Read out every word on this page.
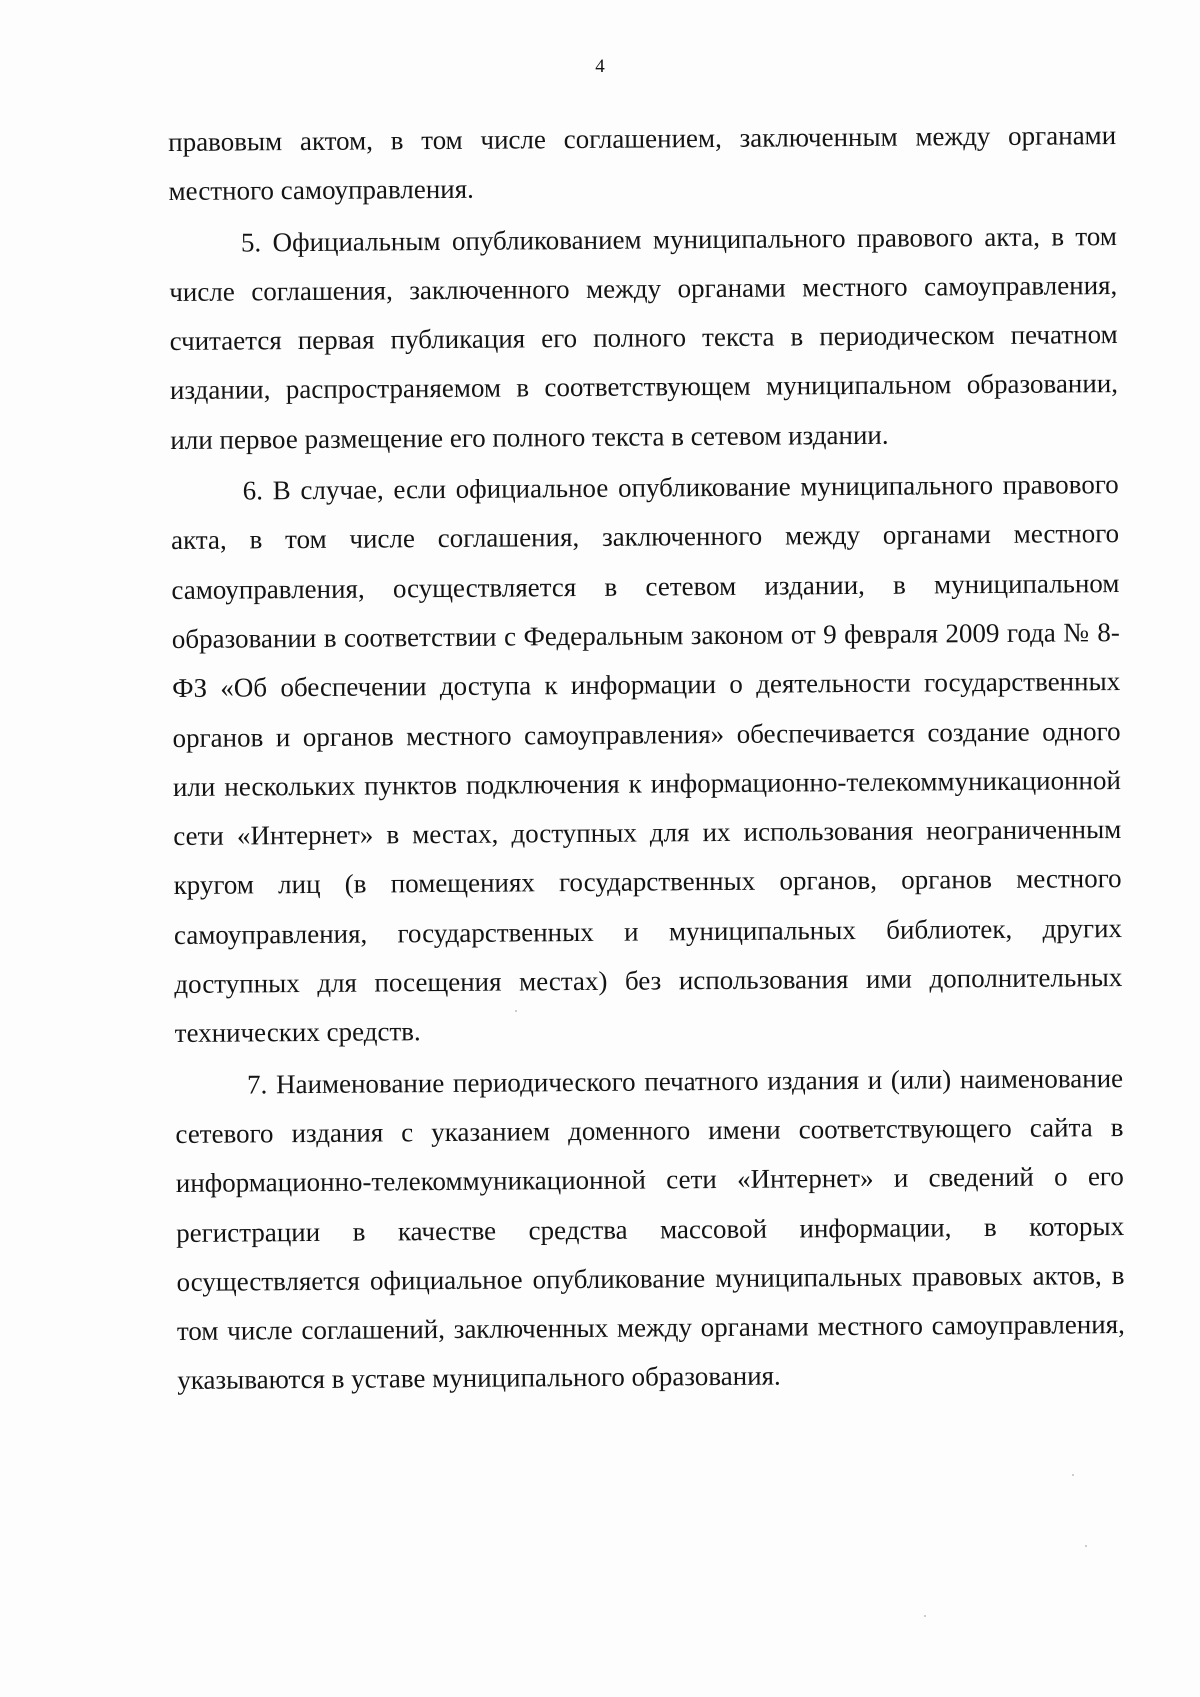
4

правовым актом, в том числе соглашением, заключенным между органами местного самоуправления.

5. Официальным опубликованием муниципального правового акта, в том числе соглашения, заключенного между органами местного самоуправления, считается первая публикация его полного текста в периодическом печатном издании, распространяемом в соответствующем муниципальном образовании, или первое размещение его полного текста в сетевом издании.

6. В случае, если официальное опубликование муниципального правового акта, в том числе соглашения, заключенного между органами местного самоуправления, осуществляется в сетевом издании, в муниципальном образовании в соответствии с Федеральным законом от 9 февраля 2009 года № 8-ФЗ «Об обеспечении доступа к информации о деятельности государственных органов и органов местного самоуправления» обеспечивается создание одного или нескольких пунктов подключения к информационно-телекоммуникационной сети «Интернет» в местах, доступных для их использования неограниченным кругом лиц (в помещениях государственных органов, органов местного самоуправления, государственных и муниципальных библиотек, других доступных для посещения местах) без использования ими дополнительных технических средств.

7. Наименование периодического печатного издания и (или) наименование сетевого издания с указанием доменного имени соответствующего сайта в информационно-телекоммуникационной сети «Интернет» и сведений о его регистрации в качестве средства массовой информации, в которых осуществляется официальное опубликование муниципальных правовых актов, в том числе соглашений, заключенных между органами местного самоуправления, указываются в уставе муниципального образования.
